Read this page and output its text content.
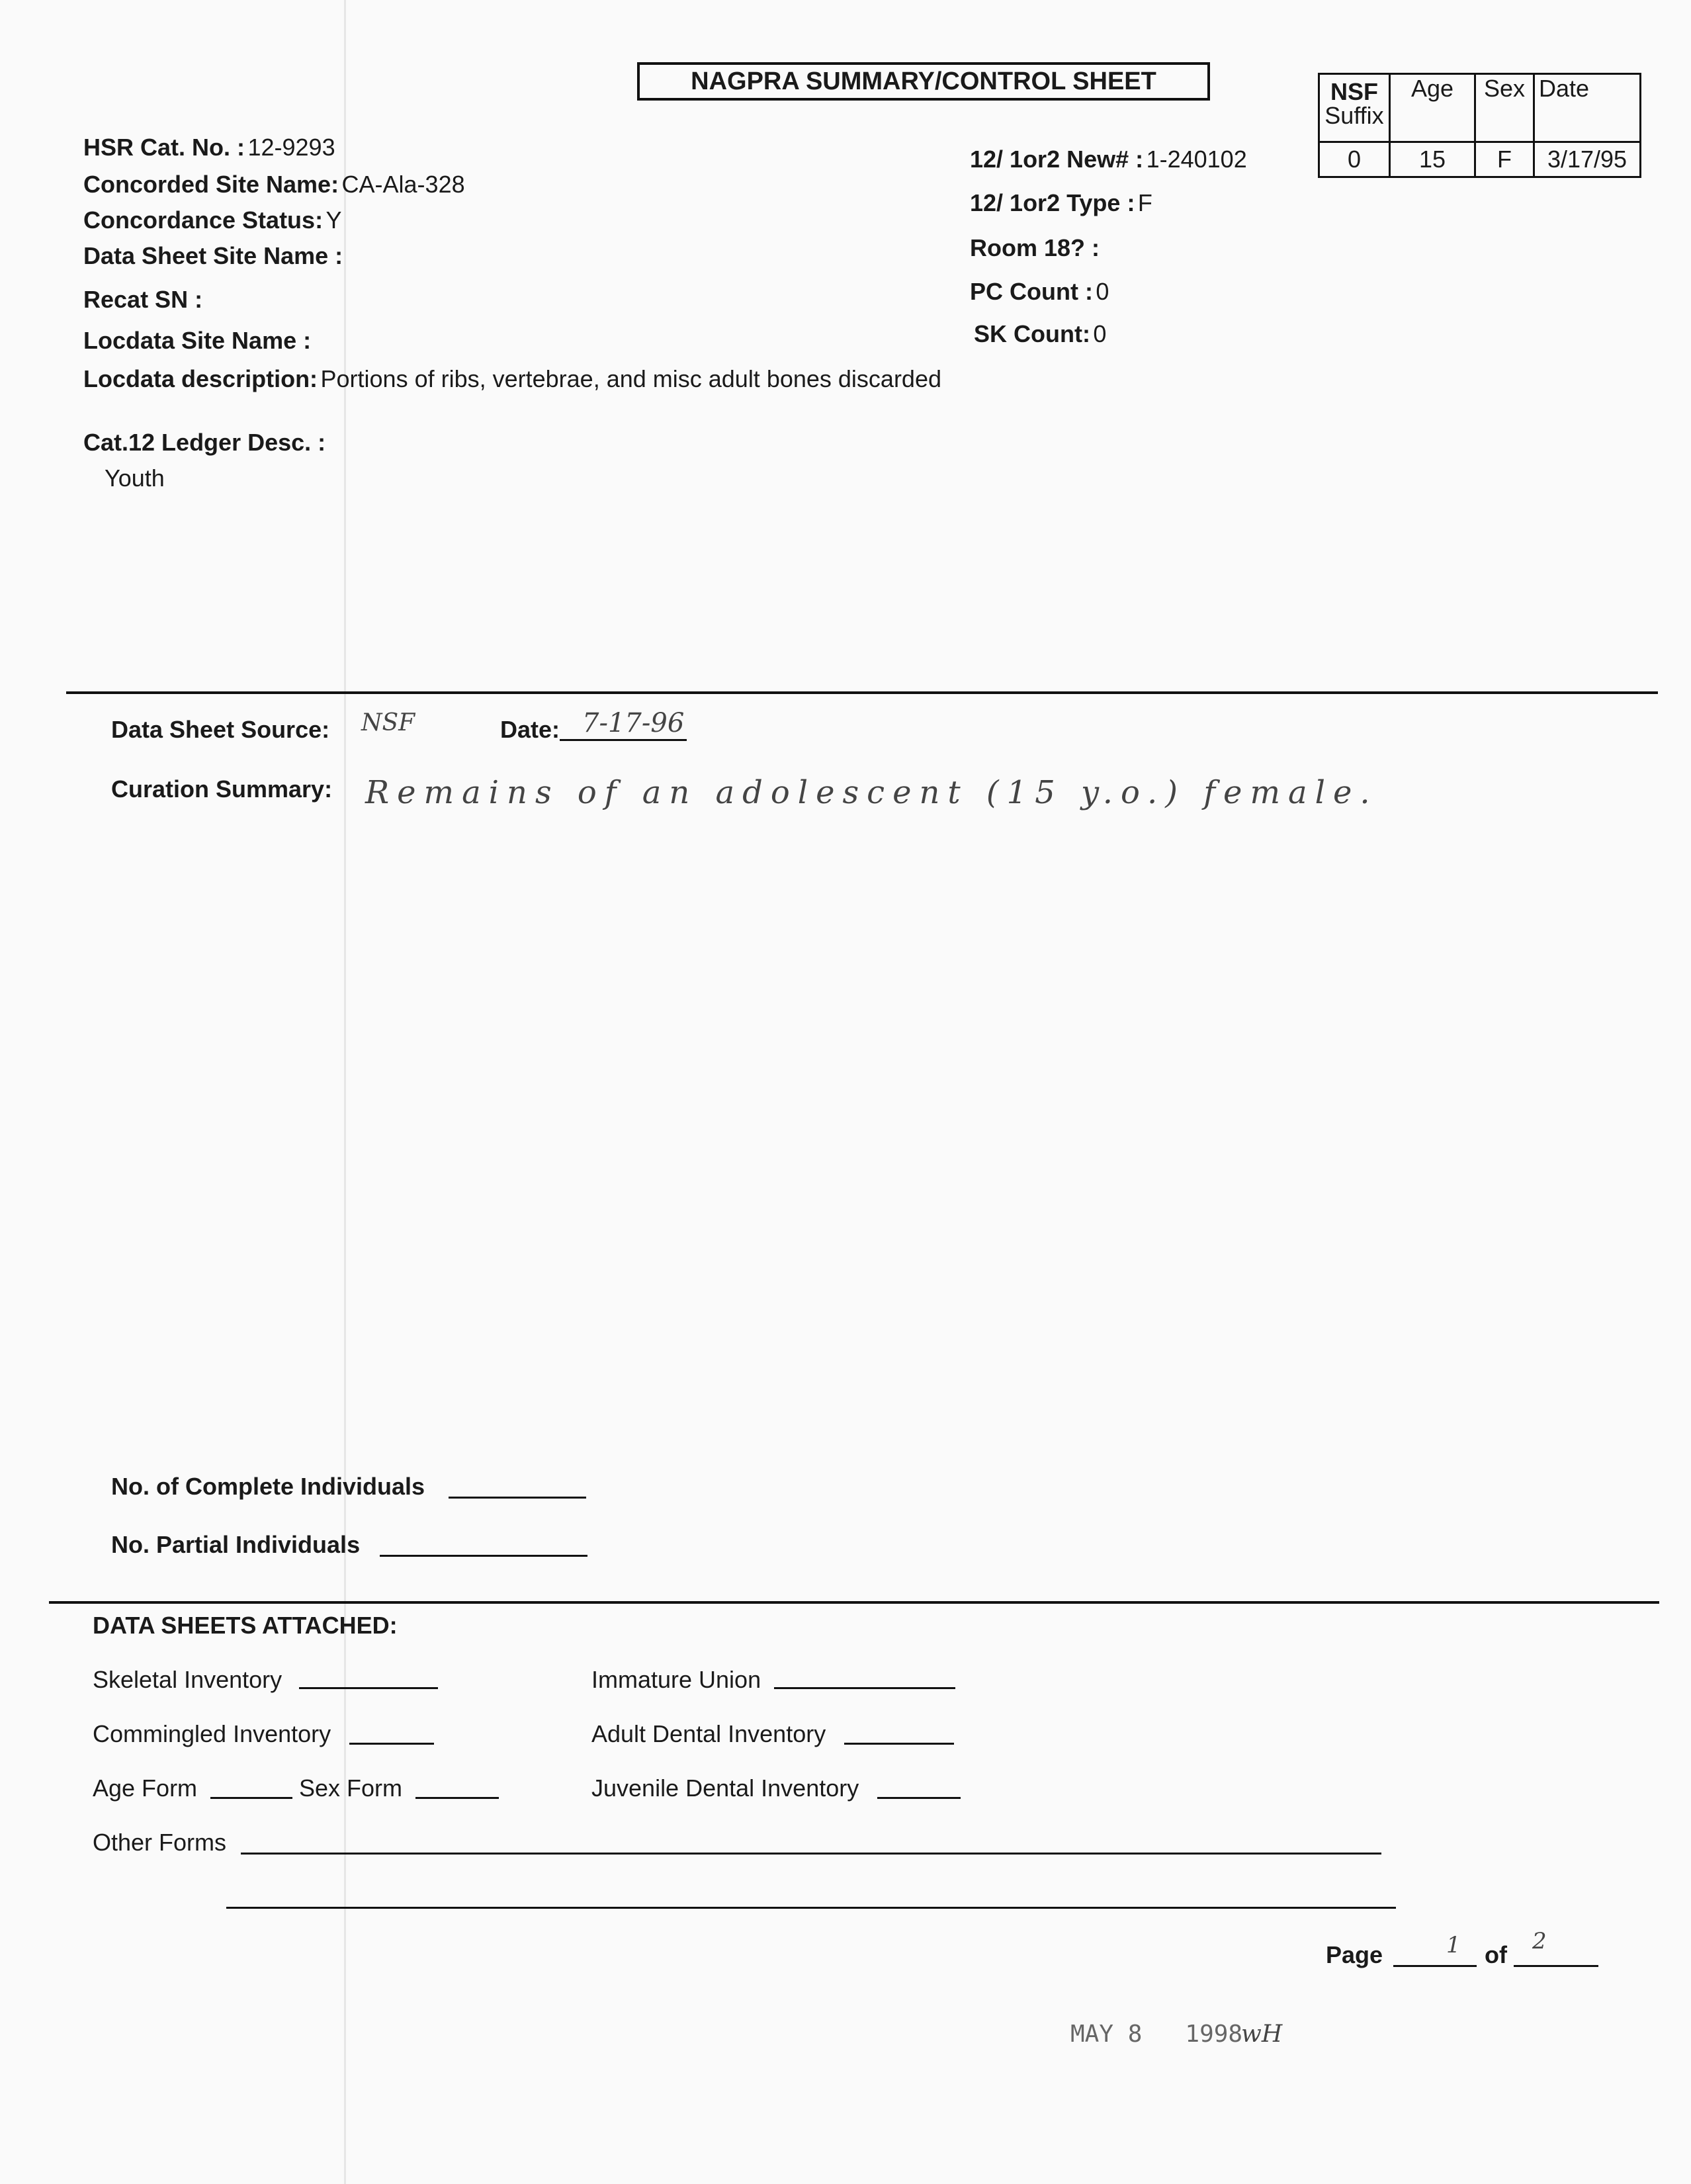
NAGPRA SUMMARY/CONTROL SHEET	NSF
Suffix	Age	Sex	Date
0	15	F	3/17/95
HSR Cat. No. : 12-9293
Concorded Site Name: CA-Ala-328
Concordance Status: Y
Data Sheet Site Name :
Recat SN :
Locdata Site Name :
Locdata description: Portions of ribs, vertebrae, and misc adult bones discarded
12/ 1or2 New# : 1-240102
12/ 1or2 Type : F
Room 18? :
PC Count : 0
SK Count: 0
Cat.12 Ledger Desc. :
Youth
Data Sheet Source: NSF	Date: 7-17-96
Curation Summary: Remains of an adolescent (15 y.o.) female.
No. of Complete Individuals
No. Partial Individuals
DATA SHEETS ATTACHED:
Skeletal Inventory	Immature Union
Commingled Inventory	Adult Dental Inventory
Age Form	Sex Form	Juvenile Dental Inventory
Other Forms
Page	1 of 2
MAY 8   1998
wH
